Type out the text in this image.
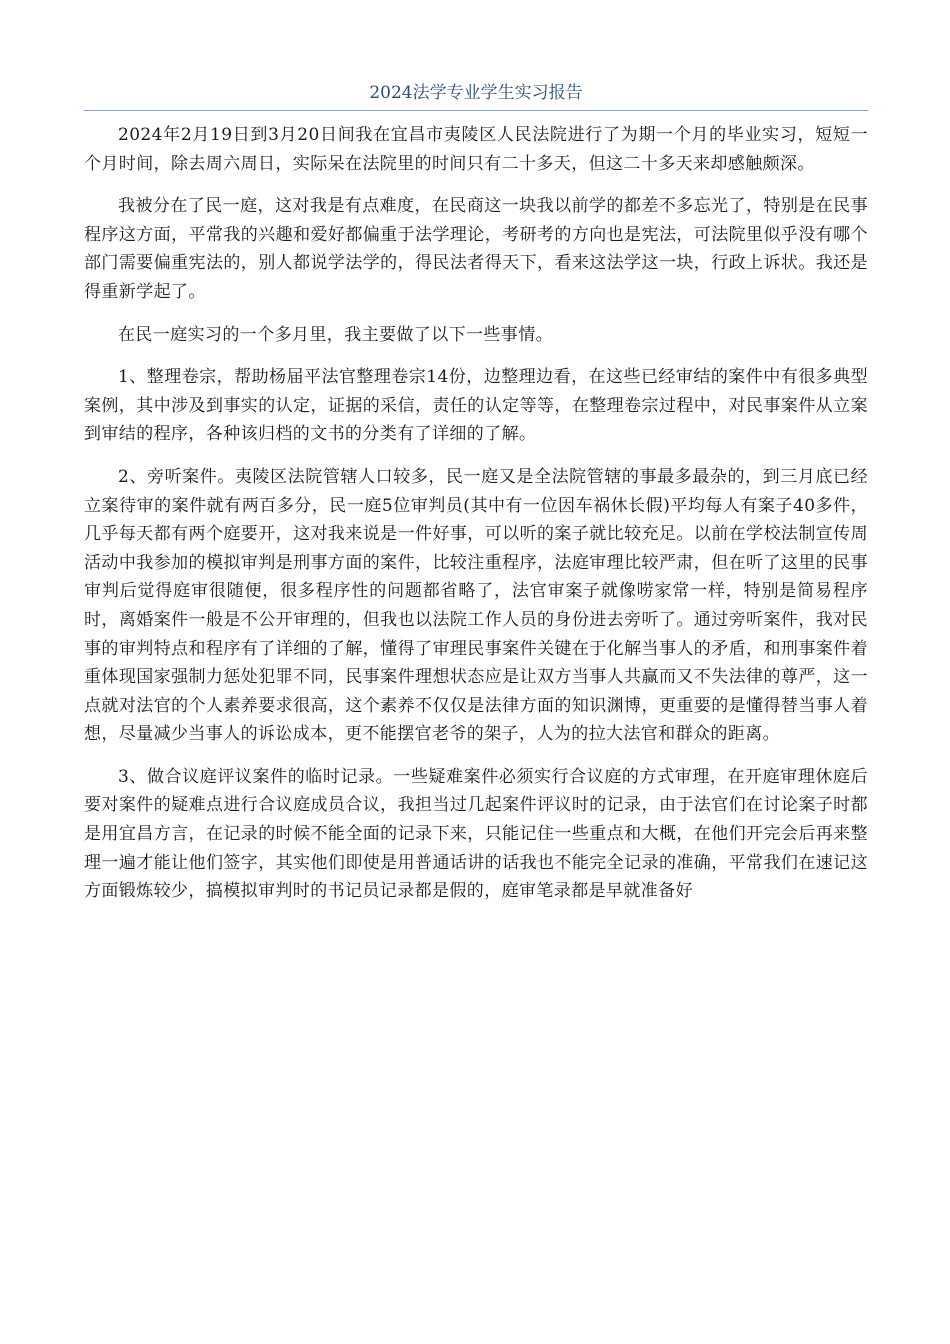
2024法学专业学生实习报告

2024年2月19日到3月20日间我在宜昌市夷陵区人民法院进行了为期一个月的毕业实习，短短一个月时间，除去周六周日，实际呆在法院里的时间只有二十多天，但这二十多天来却感触颇深。

我被分在了民一庭，这对我是有点难度，在民商这一块我以前学的都差不多忘光了，特别是在民事程序这方面，平常我的兴趣和爱好都偏重于法学理论，考研考的方向也是宪法，可法院里似乎没有哪个部门需要偏重宪法的，别人都说学法学的，得民法者得天下，看来这法学这一块，行政上诉状。我还是得重新学起了。

在民一庭实习的一个多月里，我主要做了以下一些事情。

1、整理卷宗，帮助杨届平法官整理卷宗14份，边整理边看，在这些已经审结的案件中有很多典型案例，其中涉及到事实的认定，证据的采信，责任的认定等等，在整理卷宗过程中，对民事案件从立案到审结的程序，各种该归档的文书的分类有了详细的了解。

2、旁听案件。夷陵区法院管辖人口较多，民一庭又是全法院管辖的事最多最杂的，到三月底已经立案待审的案件就有两百多分，民一庭5位审判员(其中有一位因车祸休长假)平均每人有案子40多件，几乎每天都有两个庭要开，这对我来说是一件好事，可以听的案子就比较充足。以前在学校法制宣传周活动中我参加的模拟审判是刑事方面的案件，比较注重程序，法庭审理比较严肃，但在听了这里的民事审判后觉得庭审很随便，很多程序性的问题都省略了，法官审案子就像唠家常一样，特别是简易程序时，离婚案件一般是不公开审理的，但我也以法院工作人员的身份进去旁听了。通过旁听案件，我对民事的审判特点和程序有了详细的了解，懂得了审理民事案件关键在于化解当事人的矛盾，和刑事案件着重体现国家强制力惩处犯罪不同，民事案件理想状态应是让双方当事人共赢而又不失法律的尊严，这一点就对法官的个人素养要求很高，这个素养不仅仅是法律方面的知识渊博，更重要的是懂得替当事人着想，尽量减少当事人的诉讼成本，更不能摆官老爷的架子，人为的拉大法官和群众的距离。

3、做合议庭评议案件的临时记录。一些疑难案件必须实行合议庭的方式审理，在开庭审理休庭后要对案件的疑难点进行合议庭成员合议，我担当过几起案件评议时的记录，由于法官们在讨论案子时都是用宜昌方言，在记录的时候不能全面的记录下来，只能记住一些重点和大概，在他们开完会后再来整理一遍才能让他们签字，其实他们即使是用普通话讲的话我也不能完全记录的准确，平常我们在速记这方面锻炼较少，搞模拟审判时的书记员记录都是假的，庭审笔录都是早就准备好
